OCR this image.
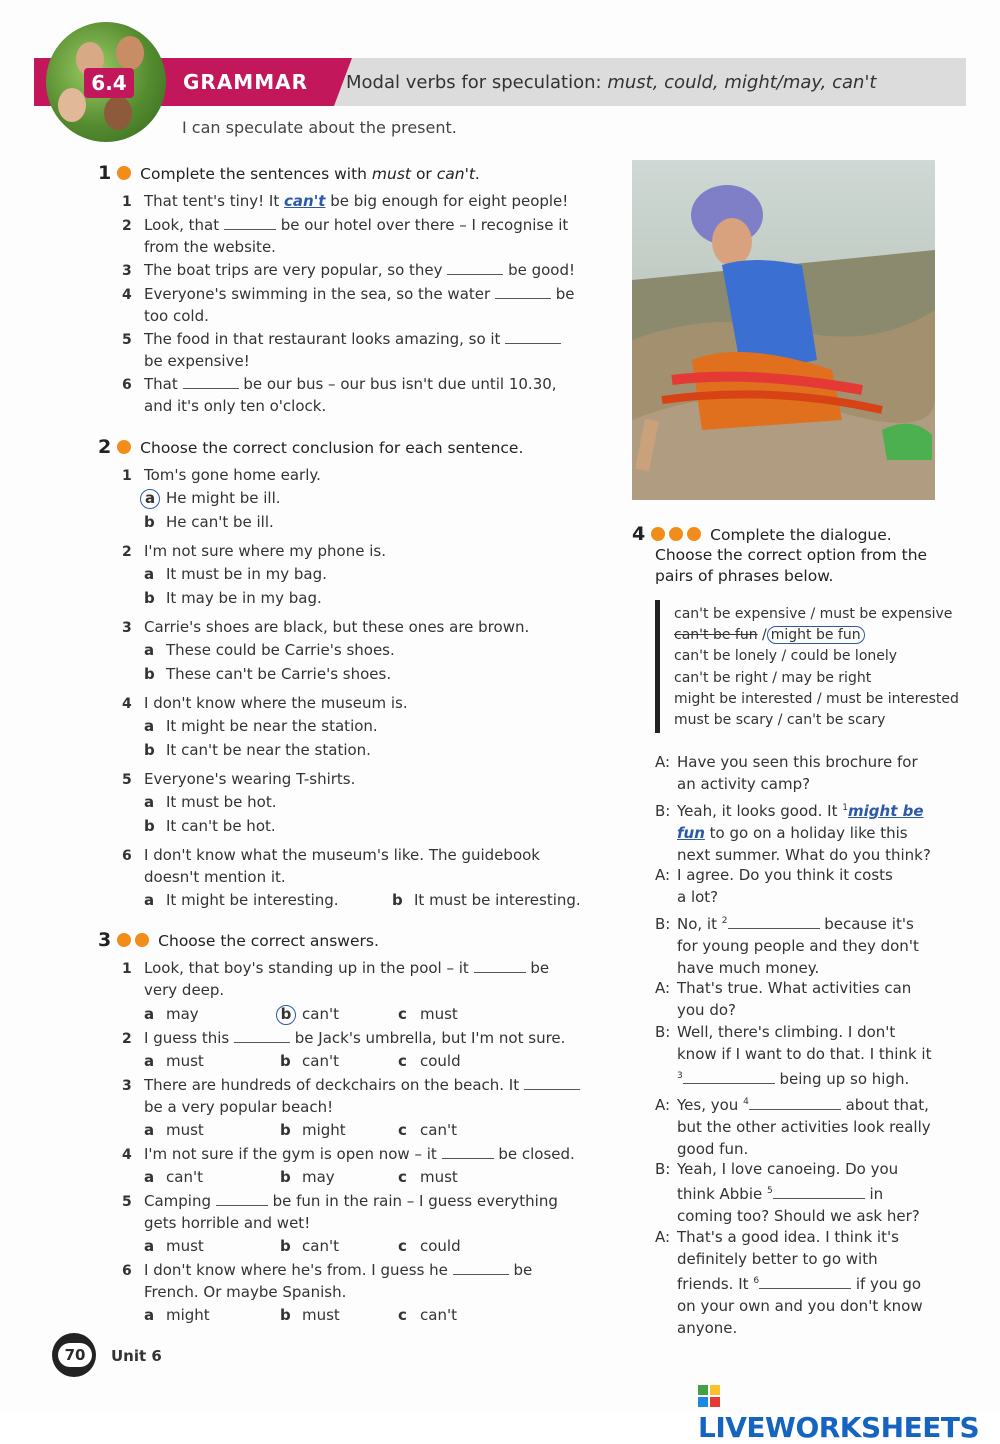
6.4	GRAMMAR Modal verbs for speculation: must, could, might/may, can't
I can speculate about the present.
1 Complete the sentences with must or can't.
1 That tent's tiny! It can't be big enough for eight people!
2 Look, that	be our hotel over there – I recognise it
from the website.
3 The boat trips are very popular, so they	be good!
4 Everyone's swimming in the sea, so the water	be
too cold.
5 The food in that restaurant looks amazing, so it
be expensive!
6 That	be our bus – our bus isn't due until 10.30,
and it's only ten o'clock.
2 Choose the correct conclusion for each sentence.
1 Tom's gone home early.
a He might be ill.
b He can't be ill.
2 I'm not sure where my phone is.
a It must be in my bag.
b It may be in my bag.
3 Carrie's shoes are black, but these ones are brown.
a These could be Carrie's shoes.
b These can't be Carrie's shoes.
4 I don't know where the museum is.
a It might be near the station.
b It can't be near the station.
5 Everyone's wearing T-shirts.
a It must be hot.
b It can't be hot.
6 I don't know what the museum's like. The guidebook
doesn't mention it.
a It might be interesting.	b It must be interesting.
3	Choose the correct answers.
1 Look, that boy's standing up in the pool – it	be
very deep.
a may	b can't	c must
2 I guess this	be Jack's umbrella, but I'm not sure.
a must	b can't	c could
3 There are hundreds of deckchairs on the beach. It
be a very popular beach!
a must	b might	c can't
4 I'm not sure if the gym is open now – it	be closed.
a can't	b may	c must
5 Camping	be fun in the rain – I guess everything
gets horrible and wet!
a must	b can't	c could
6 I don't know where he's from. I guess he	be
French. Or maybe Spanish.
a might	b must	c can't
4	Complete the dialogue.
Choose the correct option from the
pairs of phrases below.
can't be expensive / must be expensive
can't be fun / might be fun
can't be lonely / could be lonely
can't be right / may be right
might be interested / must be interested
must be scary / can't be scary
A: Have you seen this brochure for
an activity camp?
B: Yeah, it looks good. It $^1$might be
fun to go on a holiday like this
next summer. What do you think?
A: I agree. Do you think it costs
a lot?
B: No, it $^2$	because it's
for young people and they don't
have much money.
A: That's true. What activities can
you do?
B: Well, there's climbing. I don't
know if I want to do that. I think it
$^3$	being up so high.
A: Yes, you $^4$	about that,
but the other activities look really
good fun.
B: Yeah, I love canoeing. Do you
think Abbie $^5$	in
coming too? Should we ask her?
A: That's a good idea. I think it's
definitely better to go with
friends. It $^6$	if you go
on your own and you don't know
anyone.
70	Unit 6
LIVEWORKSHEETS
